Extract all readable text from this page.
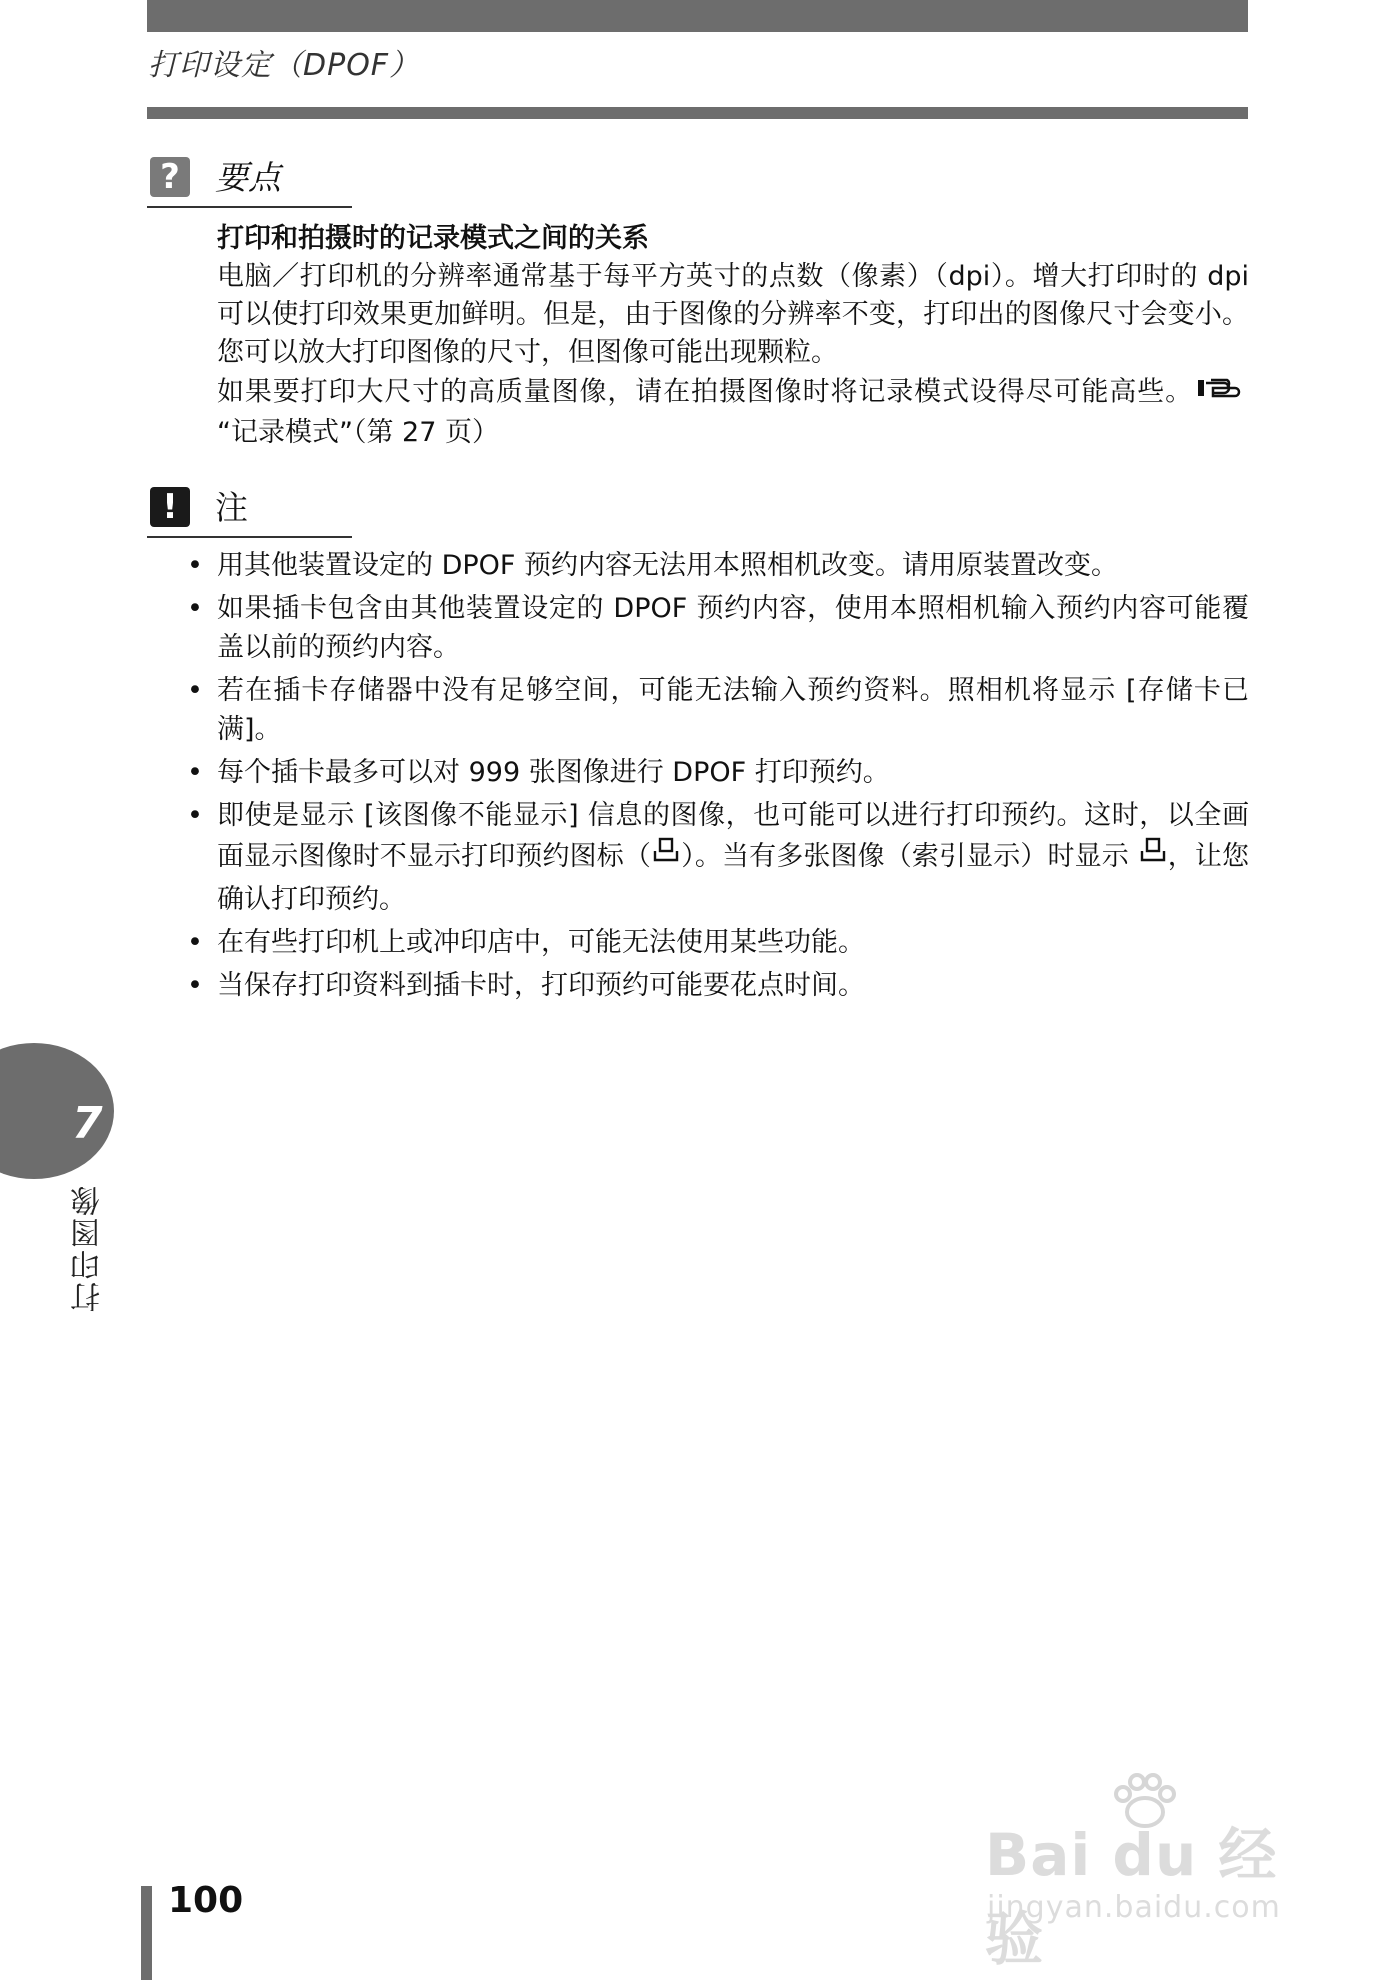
打印设定（DPOF）
?	要点
打印和拍摄时的记录模式之间的关系

电脑／打印机的分辨率通常基于每平方英寸的点数（像素）（dpi）。增大打印时的 dpi 可以使打印效果更加鲜明。但是，由于图像的分辨率不变，打印出的图像尺寸会变小。您可以放大打印图像的尺寸，但图像可能出现颗粒。

如果要打印大尺寸的高质量图像，请在拍摄图像时将记录模式设得尽可能高些。“记录模式”（第 27 页）

!	注
• 用其他装置设定的 DPOF 预约内容无法用本照相机改变。请用原装置改变。
• 如果插卡包含由其他装置设定的 DPOF 预约内容，使用本照相机输入预约内容可能覆盖以前的预约内容。
• 若在插卡存储器中没有足够空间，可能无法输入预约资料。照相机将显示 [存储卡已满]。
• 每个插卡最多可以对 999 张图像进行 DPOF 打印预约。
• 即使是显示 [该图像不能显示] 信息的图像，也可能可以进行打印预约。这时，以全画面显示图像时不显示打印预约图标（ ）。当有多张图像（索引显示）时显示 ，让您确认打印预约。
• 在有些打印机上或冲印店中，可能无法使用某些功能。
• 当保存打印资料到插卡时，打印预约可能要花点时间。
7
打印图像
100
Bai du 经验
jingyan.baidu.com
